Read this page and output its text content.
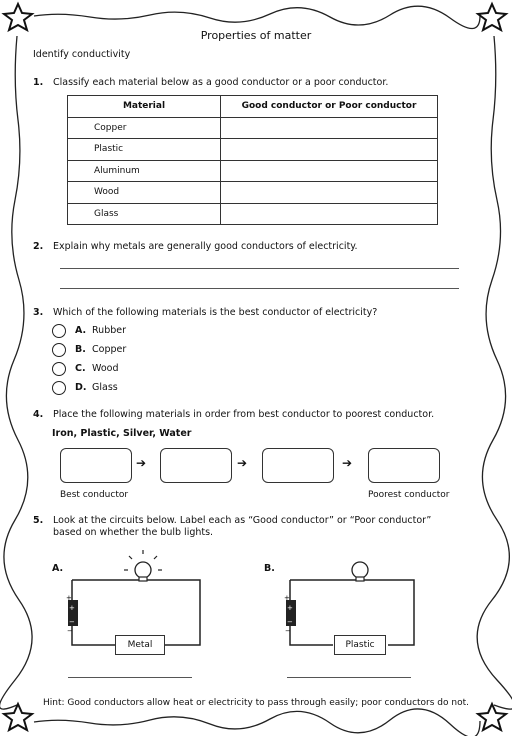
Properties of matter
Identify conductivity
1. Classify each material below as a good conductor or a poor conductor.
Material	Good conductor or Poor conductor
Copper	
Plastic	
Aluminum	
Wood	
Glass	
2. Explain why metals are generally good conductors of electricity.
3. Which of the following materials is the best conductor of electricity?
A. Rubber
B. Copper
C. Wood
D. Glass
4. Place the following materials in order from best conductor to poorest conductor.
Iron, Plastic, Silver, Water
➔	➔	➔
Best conductor	Poorest conductor
5. Look at the circuits below. Label each as “Good conductor” or “Poor conductor”
based on whether the bulb lights.
A.
+
+
−
−
Metal
B.
+
+
−
−
Plastic
Hint: Good conductors allow heat or electricity to pass through easily; poor conductors do not.
